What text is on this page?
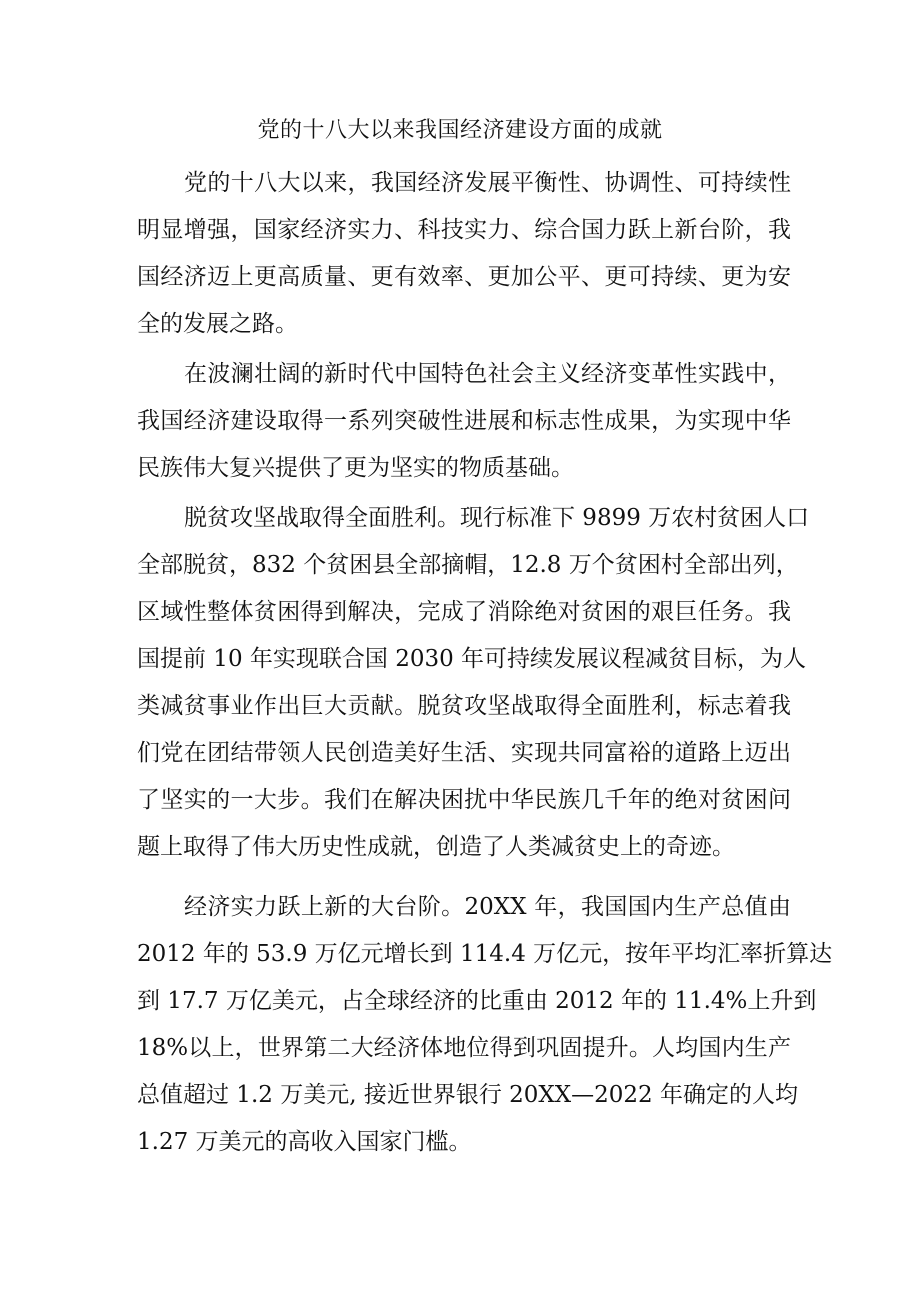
党的十八大以来我国经济建设方面的成就
党的十八大以来，我国经济发展平衡性、协调性、可持续性
明显增强，国家经济实力、科技实力、综合国力跃上新台阶，我
国经济迈上更高质量、更有效率、更加公平、更可持续、更为安
全的发展之路。
在波澜壮阔的新时代中国特色社会主义经济变革性实践中，
我国经济建设取得一系列突破性进展和标志性成果，为实现中华
民族伟大复兴提供了更为坚实的物质基础。
脱贫攻坚战取得全面胜利。现行标准下 9899 万农村贫困人口
全部脱贫，832 个贫困县全部摘帽，12.8 万个贫困村全部出列，
区域性整体贫困得到解决，完成了消除绝对贫困的艰巨任务。我
国提前 10 年实现联合国 2030 年可持续发展议程减贫目标，为人
类减贫事业作出巨大贡献。脱贫攻坚战取得全面胜利，标志着我
们党在团结带领人民创造美好生活、实现共同富裕的道路上迈出
了坚实的一大步。我们在解决困扰中华民族几千年的绝对贫困问
题上取得了伟大历史性成就，创造了人类减贫史上的奇迹。
经济实力跃上新的大台阶。20XX 年，我国国内生产总值由
2012 年的 53.9 万亿元增长到 114.4 万亿元，按年平均汇率折算达
到 17.7 万亿美元，占全球经济的比重由 2012 年的 11.4%上升到
18%以上，世界第二大经济体地位得到巩固提升。人均国内生产
总值超过 1.2 万美元, 接近世界银行 20XX—2022 年确定的人均
1.27 万美元的高收入国家门槛。
